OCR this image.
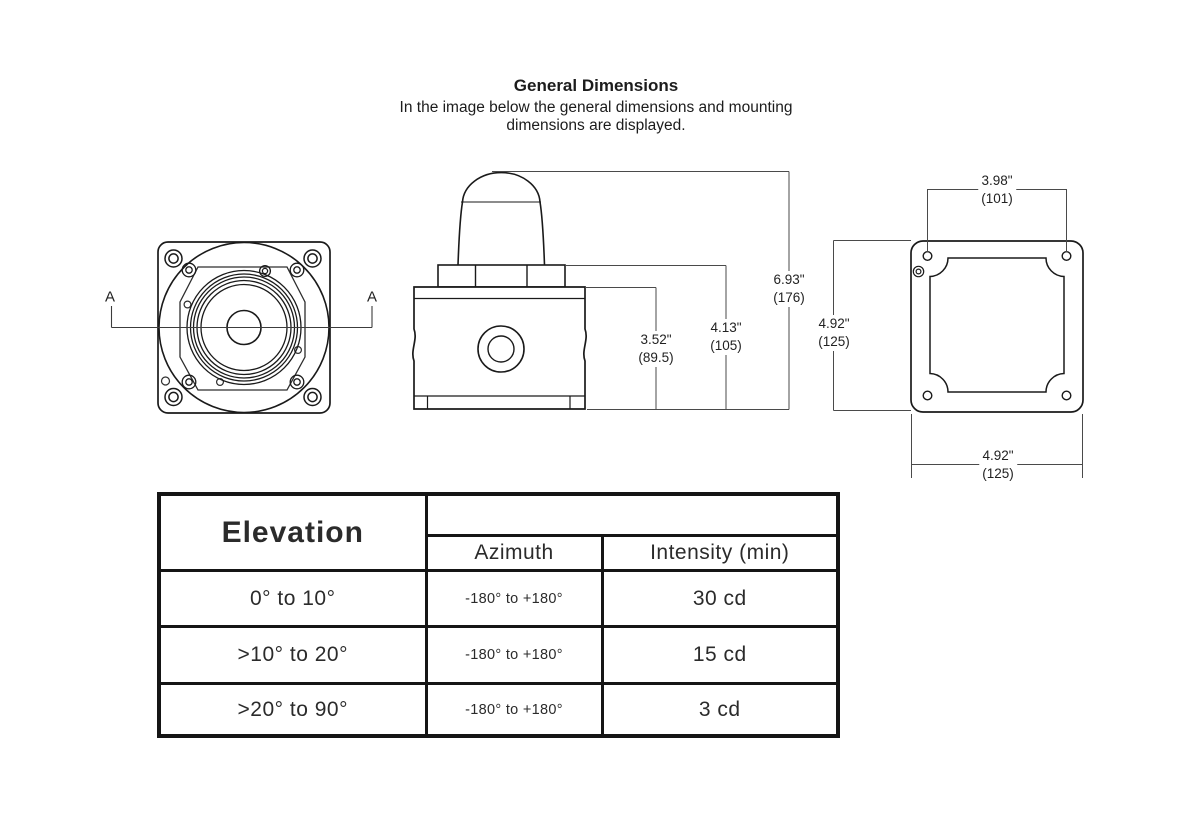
General Dimensions
In the image below the general dimensions and mounting
dimensions are displayed.
A	A
3.52"
(89.5)
4.13"
(105)
6.93"
(176)
4.92"
(125)
3.98"
(101)
4.92"
(125)
Elevation		
	Azimuth	Intensity (min)
0° to 10°	-180° to +180°	30 cd
>10° to 20°	-180° to +180°	15 cd
>20° to 90°	-180° to +180°	3 cd
